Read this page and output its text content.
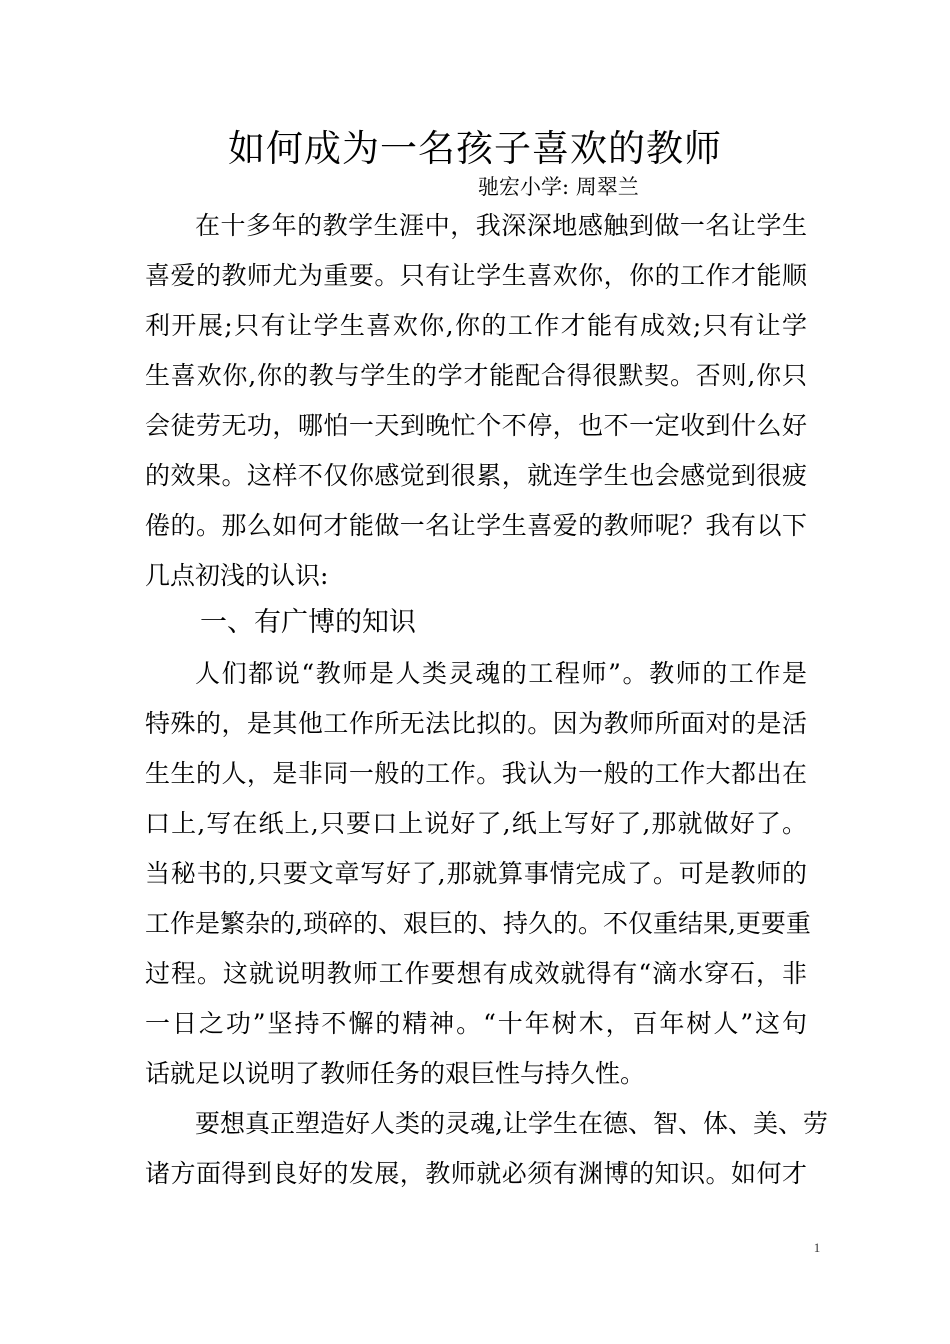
如何成为一名孩子喜欢的教师
驰宏小学: 周翠兰
在十多年的教学生涯中，我深深地感触到做一名让学生
喜爱的教师尤为重要。只有让学生喜欢你，你的工作才能顺
利开展;只有让学生喜欢你,你的工作才能有成效;只有让学
生喜欢你,你的教与学生的学才能配合得很默契。否则,你只
会徒劳无功，哪怕一天到晚忙个不停，也不一定收到什么好
的效果。这样不仅你感觉到很累，就连学生也会感觉到很疲
倦的。那么如何才能做一名让学生喜爱的教师呢？我有以下
几点初浅的认识:
一、有广博的知识
人们都说“教师是人类灵魂的工程师”。教师的工作是
特殊的，是其他工作所无法比拟的。因为教师所面对的是活
生生的人，是非同一般的工作。我认为一般的工作大都出在
口上,写在纸上,只要口上说好了,纸上写好了,那就做好了。
当秘书的,只要文章写好了,那就算事情完成了。可是教师的
工作是繁杂的,琐碎的、艰巨的、持久的。不仅重结果,更要重
过程。这就说明教师工作要想有成效就得有“滴水穿石，非
一日之功”坚持不懈的精神。“十年树木，百年树人”这句
话就足以说明了教师任务的艰巨性与持久性。
要想真正塑造好人类的灵魂,让学生在德、智、体、美、劳
诸方面得到良好的发展，教师就必须有渊博的知识。如何才
1
